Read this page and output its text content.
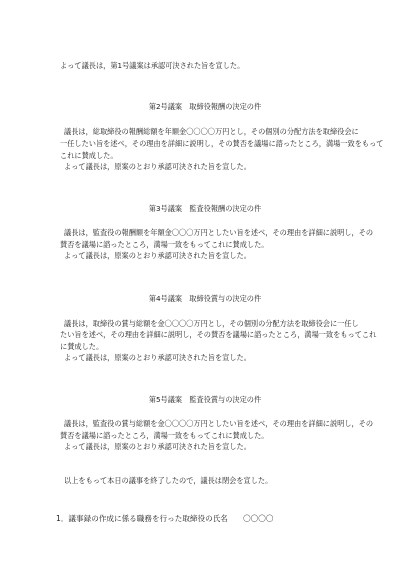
よって議長は，第1号議案は承認可決された旨を宣した。
第2号議案　取締役報酬の決定の件
議長は，総取締役の報酬総額を年額金〇〇〇〇万円とし，その個別の分配方法を取締役会に
一任したい旨を述べ，その理由を詳細に説明し，その賛否を議場に諮ったところ，満場一致をもって
これに賛成した。
よって議長は，原案のとおり承認可決された旨を宣した。
第3号議案　監査役報酬の決定の件
議長は，監査役の報酬額を年額金〇〇〇万円としたい旨を述べ，その理由を詳細に説明し，その
賛否を議場に諮ったところ，満場一致をもってこれに賛成した。
よって議長は，原案のとおり承認可決された旨を宣した。
第4号議案　取締役賞与の決定の件
議長は，取締役の賞与総額を金〇〇〇〇万円とし，その個別の分配方法を取締役会に一任し
たい旨を述べ，その理由を詳細に説明し，その賛否を議場に諮ったところ，満場一致をもってこれ
に賛成した。
よって議長は，原案のとおり承認可決された旨を宣した。
第5号議案　監査役賞与の決定の件
議長は，監査役の賞与総額を金〇〇〇〇万円としたい旨を述べ，その理由を詳細に説明し，その
賛否を議場に諮ったところ，満場一致をもってこれに賛成した。
よって議長は，原案のとおり承認可決された旨を宣した。
以上をもって本日の議事を終了したので，議長は閉会を宣した。
1．議事録の作成に係る職務を行った取締役の氏名　　〇〇〇〇
